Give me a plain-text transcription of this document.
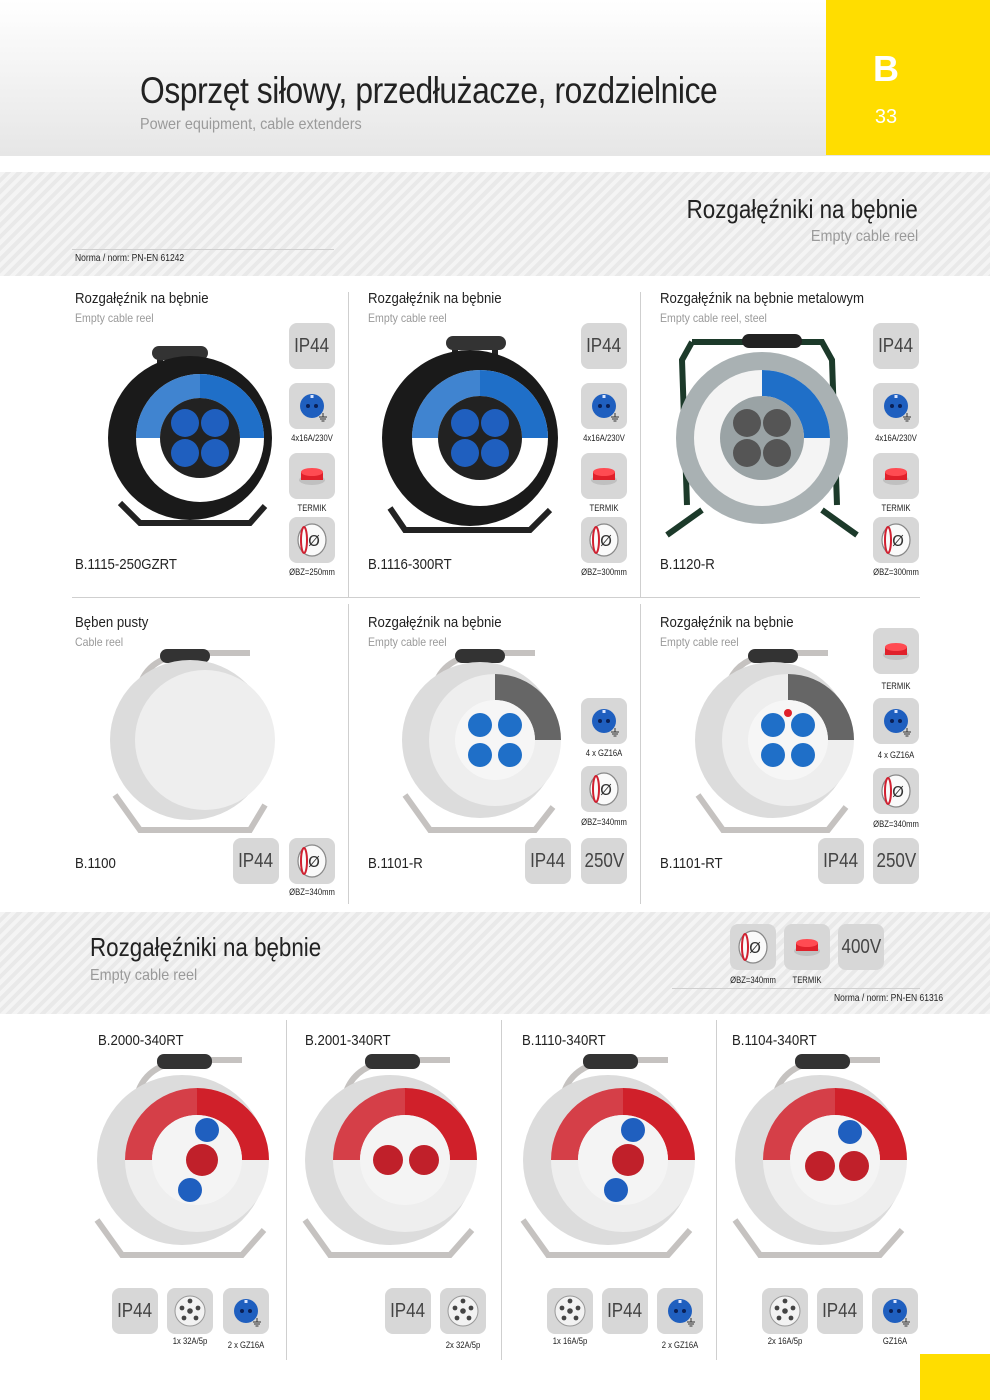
Osprzęt siłowy, przedłużacze, rozdzielnice
Power equipment, cable extenders
B
33
Rozgałęźniki na bębnie
Empty cable reel
Norma / norm: PN-EN 61242
Rozgałęźnik na bębnie
Empty cable reel
IP44
4x16A/230V
TERMIK
ØBZ=250mm
B.1115-250GZRT
Rozgałęźnik na bębnie
Empty cable reel
IP44
4x16A/230V
TERMIK
ØBZ=300mm
B.1116-300RT
Rozgałęźnik na bębnie metalowym
Empty cable reel, steel
IP44
4x16A/230V
TERMIK
ØBZ=300mm
B.1120-R
Bęben pusty
Cable reel
IP44
ØBZ=340mm
B.1100
Rozgałęźnik na bębnie
Empty cable reel
4 x GZ16A
ØBZ=340mm
IP44 250V
B.1101-R
Rozgałęźnik na bębnie
Empty cable reel
TERMIK
4 x GZ16A
ØBZ=340mm
IP44 250V
B.1101-RT
Rozgałęźniki na bębnie
Empty cable reel	ØBZ=340mm	TERMIK
400V
Norma / norm: PN-EN 61316
B.2000-340RT
IP44
1x 32A/5p	2 x GZ16A
B.2001-340RT
IP44
2x 32A/5p
B.1110-340RT
1x 16A/5p
IP44
2 x GZ16A
B.1104-340RT
2x 16A/5p
IP44
GZ16A
